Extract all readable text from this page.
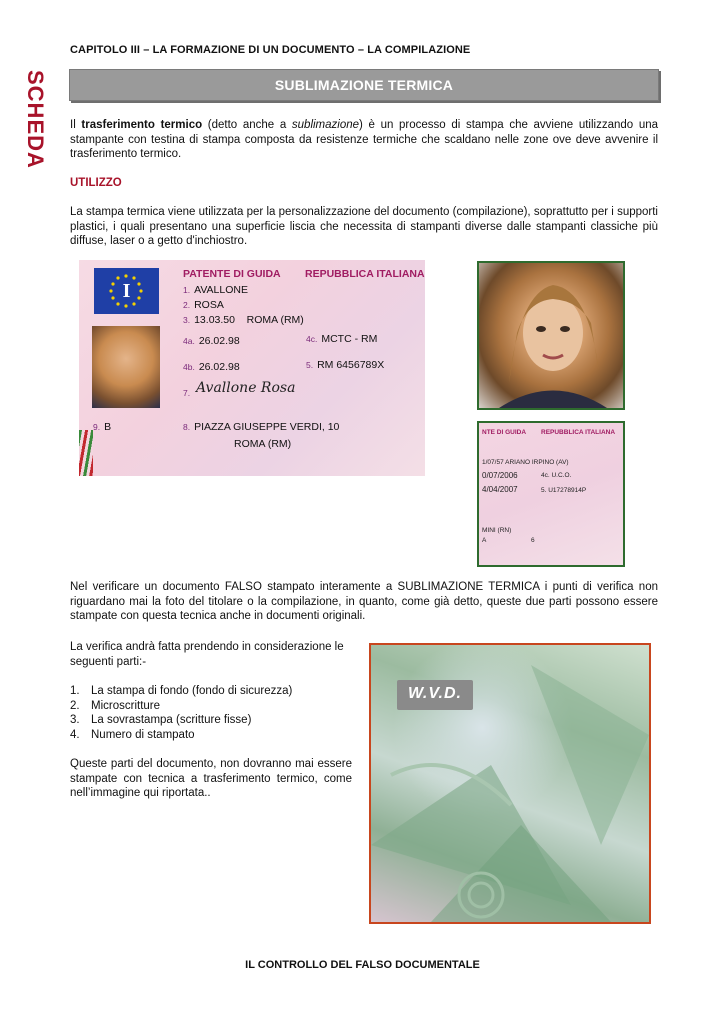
CAPITOLO III – LA FORMAZIONE DI UN DOCUMENTO – LA COMPILAZIONE
SCHEDA	SUBLIMAZIONE TERMICA
Il trasferimento termico (detto anche a sublimazione) è un processo di stampa che avviene utilizzando una stampante con testina di stampa composta da resistenze termiche che scaldano nelle zone ove deve avvenire il trasferimento termico.
UTILIZZO
La stampa termica viene utilizzata per la personalizzazione del documento (compilazione), soprattutto per i supporti plastici, i quali presentano una superficie liscia che necessita di stampanti diverse dalle stampanti classiche più diffuse, laser o a getto d'inchiostro.
I
PATENTE DI GUIDA REPUBBLICA ITALIANA
1. AVALLONE
2. ROSA
3. 13.03.50    ROMA (RM)
4a. 26.02.98	4c. MCTC - RM
4b. 26.02.98	5. RM 6456789X
7. Avallone Rosa
9. B	8. PIAZZA GIUSEPPE VERDI, 10
ROMA (RM)
NTE DI GUIDA REPUBBLICA ITALIANA
1/07/57 ARIANO IRPINO (AV)
0/07/2006	4c. U.C.O.
4/04/2007	5. U17278914P
MINI (RN)
A	6
Nel verificare un documento FALSO stampato interamente a SUBLIMAZIONE TERMICA i punti di verifica non riguardano mai la foto del titolare o la compilazione, in quanto, come già detto, queste due parti possono essere stampate con questa tecnica anche in documenti originali.
La verifica andrà fatta prendendo in considerazione le seguenti parti:-
1. La stampa di fondo (fondo di sicurezza)
2. Microscritture
3. La sovrastampa (scritture fisse)
4. Numero di stampato
Queste parti del documento, non dovranno mai essere stampate con tecnica a trasferimento termico, come nell’immagine qui riportata..
W.V.D.
IL CONTROLLO DEL FALSO DOCUMENTALE
